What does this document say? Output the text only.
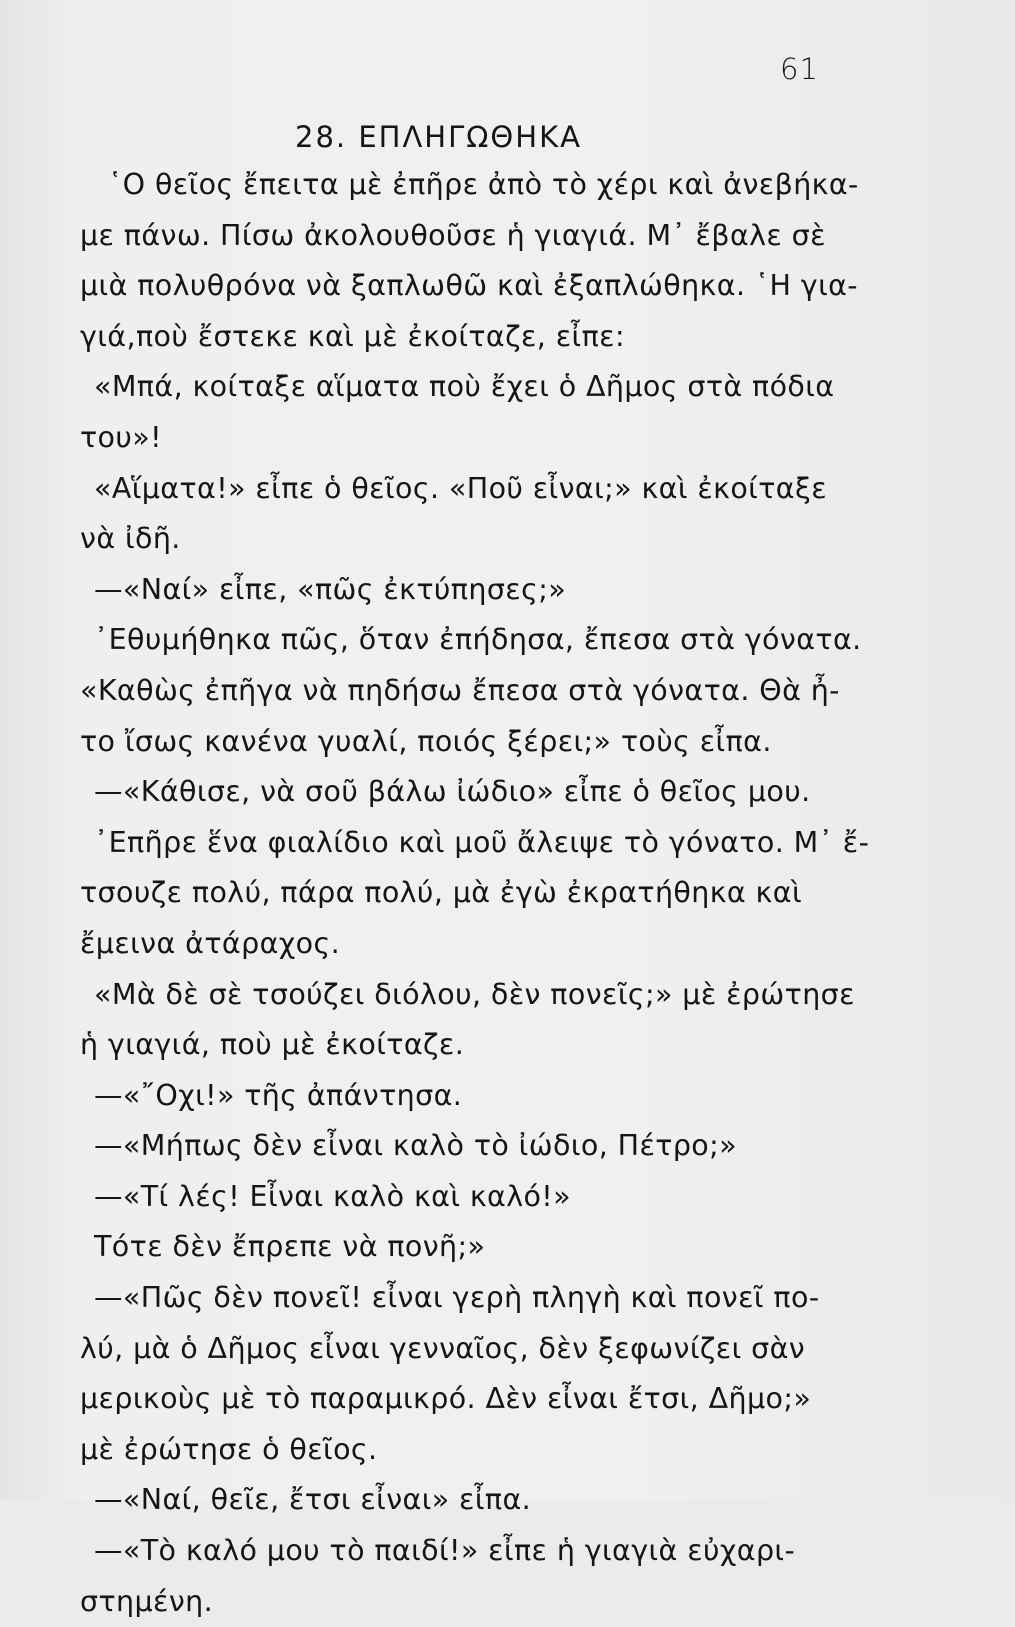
61
28. ΕΠΛΗΓΩΘΗΚΑ
῾Ο θεῖος ἔπειτα μὲ ἐπῆρε ἀπὸ τὸ χέρι καὶ ἀνεβήκα-
με πάνω. Πίσω ἀκολουθοῦσε ἡ γιαγιά. Μ᾿ ἔβαλε σὲ
μιὰ πολυθρόνα νὰ ξαπλωθῶ καὶ ἐξαπλώθηκα. ῾Η για-
γιά,ποὺ ἔστεκε καὶ μὲ ἐκοίταζε, εἶπε:
«Μπά, κοίταξε αἵματα ποὺ ἔχει ὁ Δῆμος στὰ πόδια
του»!
«Αἵματα!» εἶπε ὁ θεῖος. «Ποῦ εἶναι;» καὶ ἐκοίταξε
νὰ ἰδῆ.
—«Ναί» εἶπε, «πῶς ἐκτύπησες;»
᾿Εθυμήθηκα πῶς, ὅταν ἐπήδησα, ἔπεσα στὰ γόνατα.
«Καθὼς ἐπῆγα νὰ πηδήσω ἔπεσα στὰ γόνατα. Θὰ ἦ-
το ἴσως κανένα γυαλί, ποιός ξέρει;» τοὺς εἶπα.
—«Κάθισε, νὰ σοῦ βάλω ἰώδιο» εἶπε ὁ θεῖος μου.
᾿Επῆρε ἕνα φιαλίδιο καὶ μοῦ ἄλειψε τὸ γόνατο. Μ᾿ ἔ-
τσουζε πολύ, πάρα πολύ, μὰ ἐγὼ ἐκρατήθηκα καὶ
ἔμεινα ἀτάραχος.
«Μὰ δὲ σὲ τσούζει διόλου, δὲν πονεῖς;» μὲ ἐρώτησε
ἡ γιαγιά, ποὺ μὲ ἐκοίταζε.
—«῎Οχι!» τῆς ἀπάντησα.
—«Μήπως δὲν εἶναι καλὸ τὸ ἰώδιο, Πέτρο;»
—«Τί λές! Εἶναι καλὸ καὶ καλό!»
Τότε δὲν ἔπρεπε νὰ πονῆ;»
—«Πῶς δὲν πονεῖ! εἶναι γερὴ πληγὴ καὶ πονεῖ πο-
λύ, μὰ ὁ Δῆμος εἶναι γενναῖος, δὲν ξεφωνίζει σὰν
μερικοὺς μὲ τὸ παραμικρό. Δὲν εἶναι ἔτσι, Δῆμο;»
μὲ ἐρώτησε ὁ θεῖος.
—«Ναί, θεῖε, ἔτσι εἶναι» εἶπα.
—«Τὸ καλό μου τὸ παιδί!» εἶπε ἡ γιαγιὰ εὐχαρι-
στημένη.
